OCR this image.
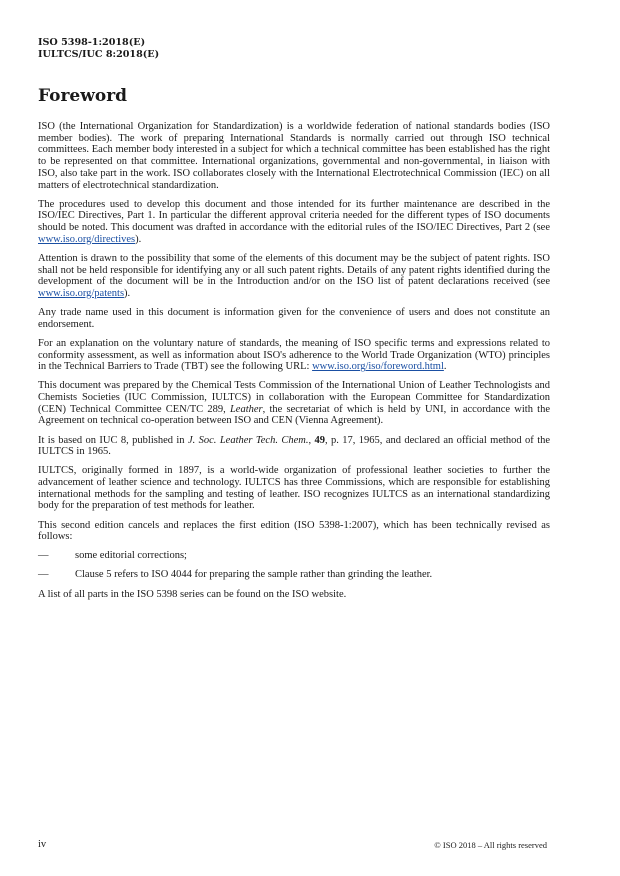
ISO 5398-1:2018(E)
IULTCS/IUC 8:2018(E)
Foreword

ISO (the International Organization for Standardization) is a worldwide federation of national standards bodies (ISO member bodies). The work of preparing International Standards is normally carried out through ISO technical committees. Each member body interested in a subject for which a technical committee has been established has the right to be represented on that committee. International organizations, governmental and non-governmental, in liaison with ISO, also take part in the work. ISO collaborates closely with the International Electrotechnical Commission (IEC) on all matters of electrotechnical standardization.

The procedures used to develop this document and those intended for its further maintenance are described in the ISO/IEC Directives, Part 1. In particular the different approval criteria needed for the different types of ISO documents should be noted. This document was drafted in accordance with the editorial rules of the ISO/IEC Directives, Part 2 (see www.iso.org/directives).

Attention is drawn to the possibility that some of the elements of this document may be the subject of patent rights. ISO shall not be held responsible for identifying any or all such patent rights. Details of any patent rights identified during the development of the document will be in the Introduction and/or on the ISO list of patent declarations received (see www.iso.org/patents).

Any trade name used in this document is information given for the convenience of users and does not constitute an endorsement.

For an explanation on the voluntary nature of standards, the meaning of ISO specific terms and expressions related to conformity assessment, as well as information about ISO's adherence to the World Trade Organization (WTO) principles in the Technical Barriers to Trade (TBT) see the following URL: www.iso.org/iso/foreword.html.

This document was prepared by the Chemical Tests Commission of the International Union of Leather Technologists and Chemists Societies (IUC Commission, IULTCS) in collaboration with the European Committee for Standardization (CEN) Technical Committee CEN/TC 289, Leather, the secretariat of which is held by UNI, in accordance with the Agreement on technical co-operation between ISO and CEN (Vienna Agreement).

It is based on IUC 8, published in J. Soc. Leather Tech. Chem., 49, p. 17, 1965, and declared an official method of the IULTCS in 1965.

IULTCS, originally formed in 1897, is a world-wide organization of professional leather societies to further the advancement of leather science and technology. IULTCS has three Commissions, which are responsible for establishing international methods for the sampling and testing of leather. ISO recognizes IULTCS as an international standardizing body for the preparation of test methods for leather.

This second edition cancels and replaces the first edition (ISO 5398-1:2007), which has been technically revised as follows:

—	some editorial corrections;
—	Clause 5 refers to ISO 4044 for preparing the sample rather than grinding the leather.

A list of all parts in the ISO 5398 series can be found on the ISO website.

iv	© ISO 2018 – All rights reserved
